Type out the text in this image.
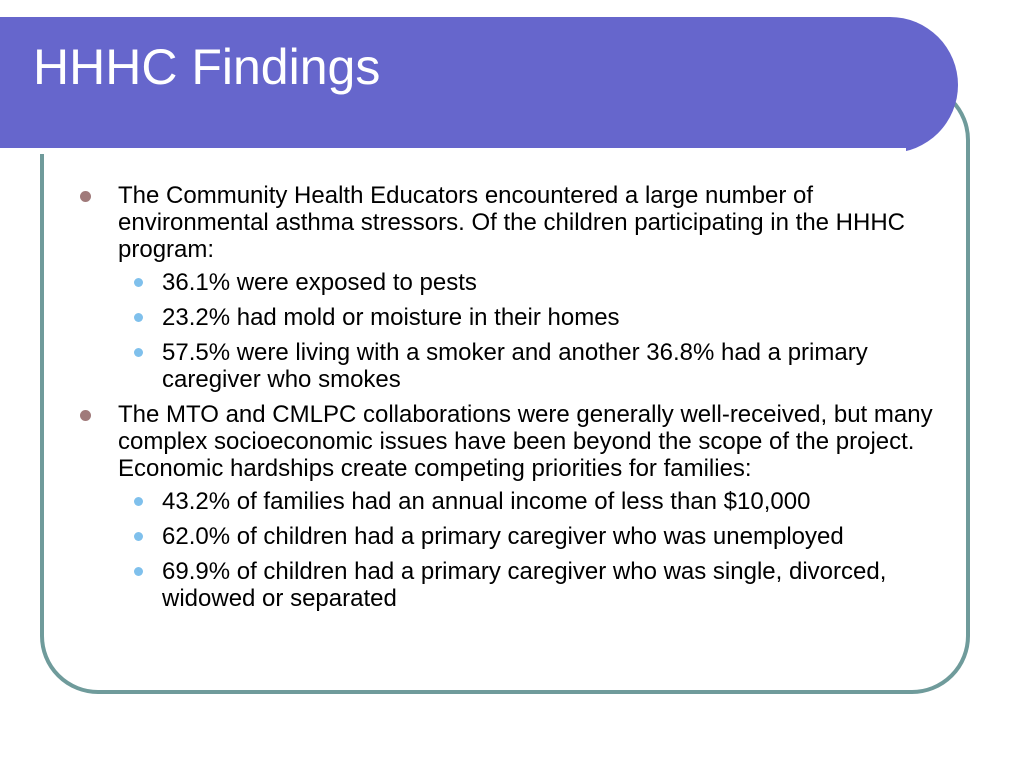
HHHC Findings
The Community Health Educators encountered a large number of environmental asthma stressors. Of the children participating in the HHHC program:
36.1% were exposed to pests
23.2% had mold or moisture in their homes
57.5% were living with a smoker and another 36.8% had a primary caregiver who smokes
The MTO and CMLPC collaborations were generally well-received, but many complex socioeconomic issues have been beyond the scope of the project. Economic hardships create competing priorities for families:
43.2% of families had an annual income of less than $10,000
62.0% of children had a primary caregiver who was unemployed
69.9% of children had a primary caregiver who was single, divorced, widowed or separated
